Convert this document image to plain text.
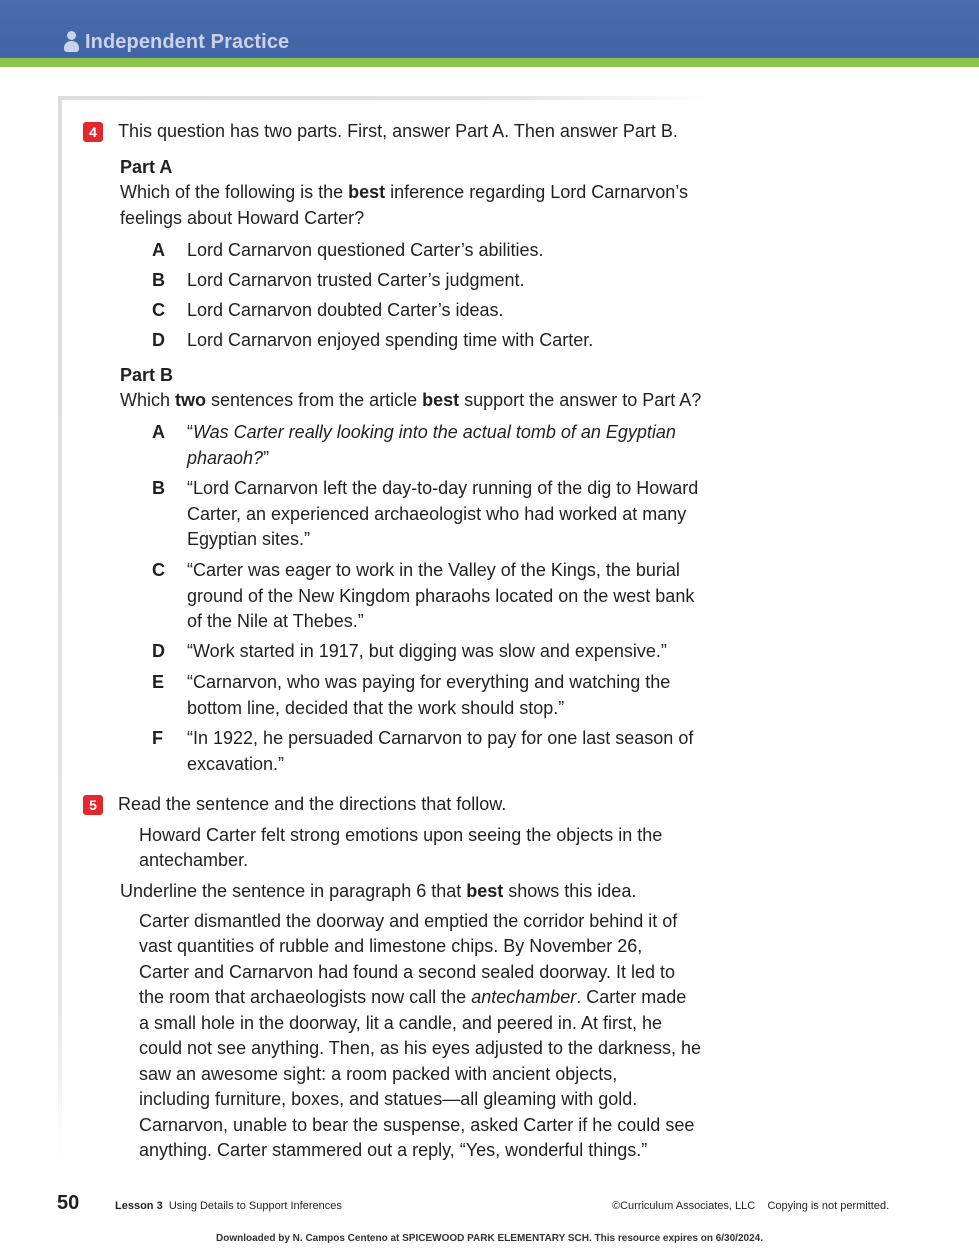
Independent Practice
4	This question has two parts. First, answer Part A. Then answer Part B.
Part A
Which of the following is the best inference regarding Lord Carnarvon’s
feelings about Howard Carter?
A Lord Carnarvon questioned Carter’s abilities.
B Lord Carnarvon trusted Carter’s judgment.
C Lord Carnarvon doubted Carter’s ideas.
D Lord Carnarvon enjoyed spending time with Carter.
Part B
Which two sentences from the article best support the answer to Part A?
A “Was Carter really looking into the actual tomb of an Egyptian pharaoh?”
B “Lord Carnarvon left the day-to-day running of the dig to Howard Carter, an experienced archaeologist who had worked at many Egyptian sites.”
C “Carter was eager to work in the Valley of the Kings, the burial ground of the New Kingdom pharaohs located on the west bank of the Nile at Thebes.”
D “Work started in 1917, but digging was slow and expensive.”
E “Carnarvon, who was paying for everything and watching the bottom line, decided that the work should stop.”
F “In 1922, he persuaded Carnarvon to pay for one last season of excavation.”
5	Read the sentence and the directions that follow.
Howard Carter felt strong emotions upon seeing the objects in the
antechamber.
Underline the sentence in paragraph 6 that best shows this idea.
Carter dismantled the doorway and emptied the corridor behind it of
vast quantities of rubble and limestone chips. By November 26,
Carter and Carnarvon had found a second sealed doorway. It led to
the room that archaeologists now call the antechamber. Carter made
a small hole in the doorway, lit a candle, and peered in. At first, he
could not see anything. Then, as his eyes adjusted to the darkness, he
saw an awesome sight: a room packed with ancient objects,
including furniture, boxes, and statues—all gleaming with gold.
Carnarvon, unable to bear the suspense, asked Carter if he could see
anything. Carter stammered out a reply, “Yes, wonderful things.”
50	Lesson 3 Using Details to Support Inferences	©Curriculum Associates, LLC Copying is not permitted.
Downloaded by N. Campos Centeno at SPICEWOOD PARK ELEMENTARY SCH. This resource expires on 6/30/2024.
